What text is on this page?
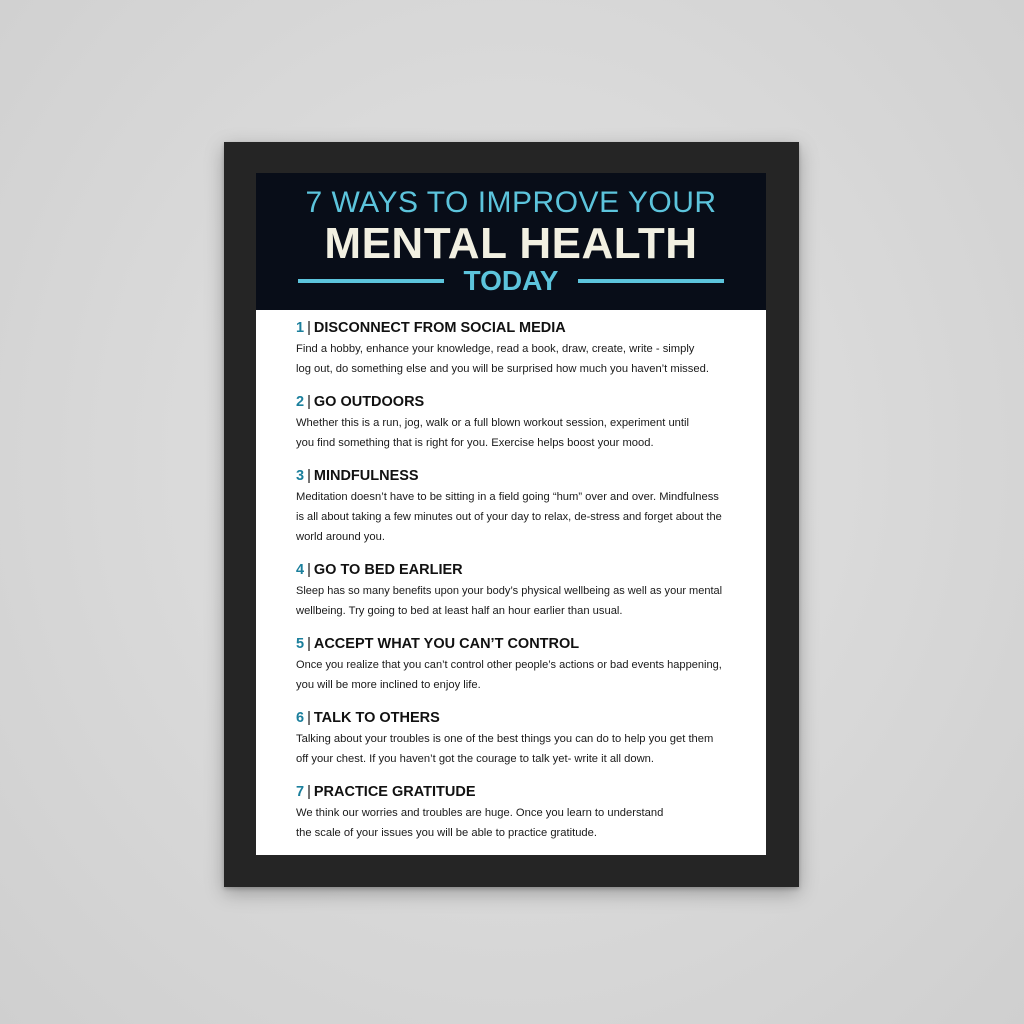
7 WAYS TO IMPROVE YOUR
MENTAL HEALTH
TODAY
1 | DISCONNECT FROM SOCIAL MEDIA
Find a hobby, enhance your knowledge, read a book, draw, create, write - simply
log out, do something else and you will be surprised how much you haven’t missed.
2 | GO OUTDOORS
Whether this is a run, jog, walk or a full blown workout session, experiment until
you find something that is right for you. Exercise helps boost your mood.
3 | MINDFULNESS
Meditation doesn’t have to be sitting in a field going “hum” over and over. Mindfulness
is all about taking a few minutes out of your day to relax, de-stress and forget about the
world around you.
4 | GO TO BED EARLIER
Sleep has so many benefits upon your body’s physical wellbeing as well as your mental
wellbeing. Try going to bed at least half an hour earlier than usual.
5 | ACCEPT WHAT YOU CAN’T CONTROL
Once you realize that you can’t control other people’s actions or bad events happening,
you will be more inclined to enjoy life.
6 | TALK TO OTHERS
Talking about your troubles is one of the best things you can do to help you get them
off your chest. If you haven’t got the courage to talk yet- write it all down.
7 | PRACTICE GRATITUDE
We think our worries and troubles are huge. Once you learn to understand
the scale of your issues you will be able to practice gratitude.
